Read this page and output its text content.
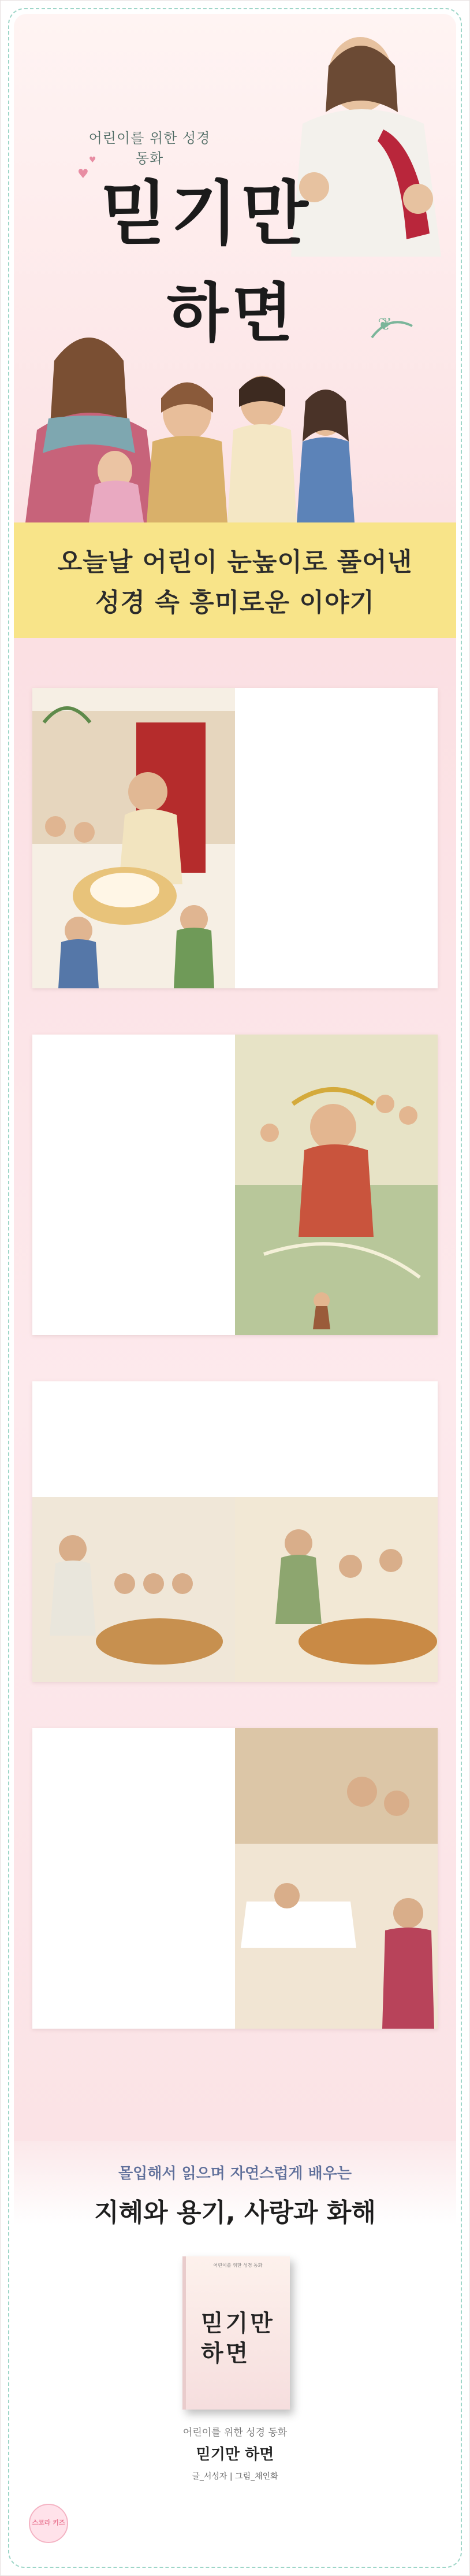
어린이를 위한 성경 동화
믿기만
하면
♥
♥
❦
오늘날 어린이 눈높이로 풀어낸
성경 속 흥미로운 이야기
몰입해서 읽으며 자연스럽게 배우는
지혜와 용기, 사랑과 화해
어린이를 위한 성경 동화
믿기만
하면
어린이를 위한 성경 동화
믿기만 하면
글_서성자 | 그림_채인화
스코라 키즈
